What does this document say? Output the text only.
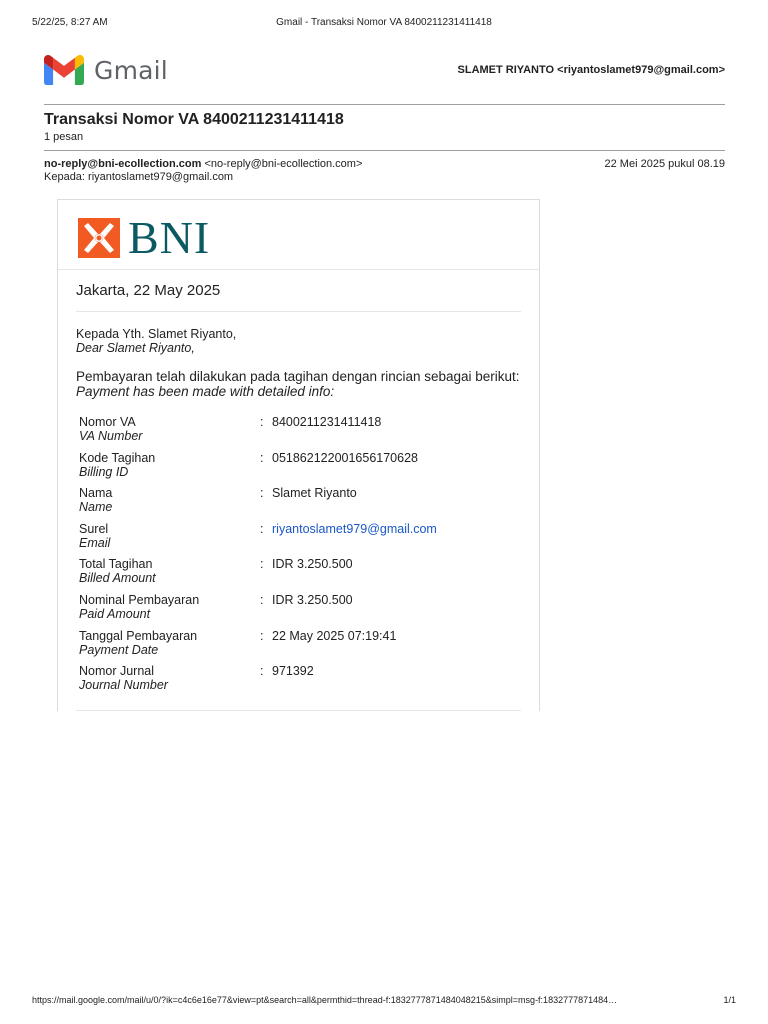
5/22/25, 8:27 AM	Gmail - Transaksi Nomor VA 8400211231411418
Gmail	SLAMET RIYANTO <riyantoslamet979@gmail.com>
Transaksi Nomor VA 8400211231411418
1 pesan
no-reply@bni-ecollection.com <no-reply@bni-ecollection.com>
Kepada: riyantoslamet979@gmail.com
22 Mei 2025 pukul 08.19
BNI
Jakarta, 22 May 2025
Kepada Yth. Slamet Riyanto,
Dear Slamet Riyanto,
Pembayaran telah dilakukan pada tagihan dengan rincian sebagai berikut:
Payment has been made with detailed info:
Nomor VA
VA Number
: 8400211231411418
Kode Tagihan
Billing ID
: 0518621220016561706​28
Nama
Name
: Slamet Riyanto
Surel
Email
: riyantoslamet979@gmail.com
Total Tagihan
Billed Amount
: IDR 3.250.500
Nominal Pembayaran
Paid Amount
: IDR 3.250.500
Tanggal Pembayaran
Payment Date
: 22 May 2025 07:19:41
Nomor Jurnal
Journal Number
: 971392
https://mail.google.com/mail/u/0/?ik=c4c6e16e77&view=pt&search=all&permthid=thread-f:1832777871484048215&simpl=msg-f:1832777871484…	1/1
